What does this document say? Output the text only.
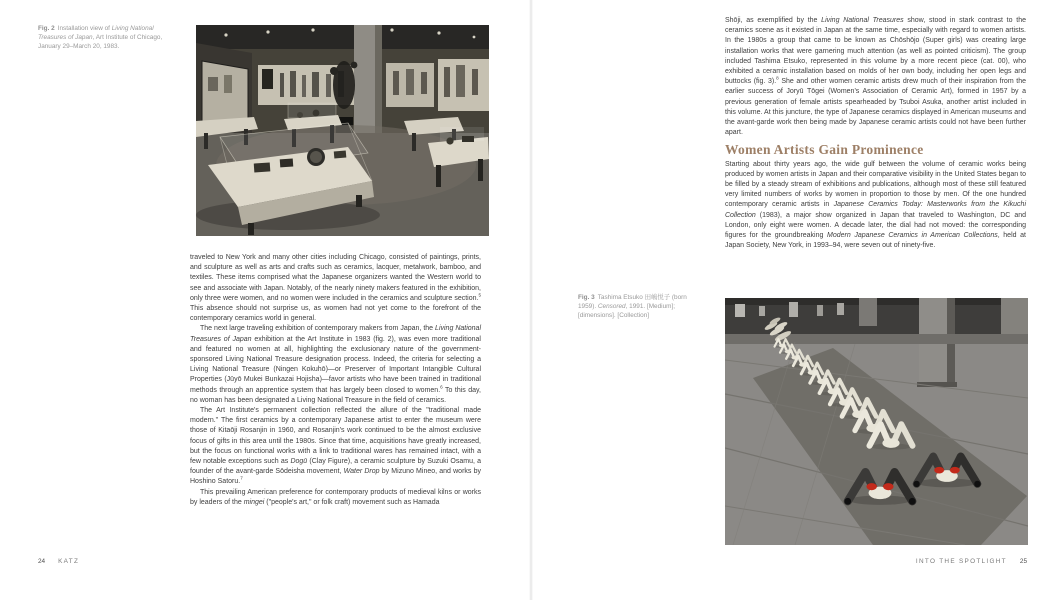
Fig. 2 Installation view of Living National Treasures of Japan, Art Institute of Chicago, January 29–March 20, 1983.

traveled to New York and many other cities including Chicago, consisted of paintings, prints, and sculpture as well as arts and crafts such as ceramics, lacquer, metalwork, bamboo, and textiles. These items comprised what the Japanese organizers wanted the Western world to see and associate with Japan. Notably, of the nearly ninety makers featured in the exhibition, only three were women, and no women were included in the ceramics and sculpture section.$^5$ This absence should not surprise us, as women had not yet come to the forefront of the contemporary ceramics world in general.

The next large traveling exhibition of contemporary makers from Japan, the Living National Treasures of Japan exhibition at the Art Institute in 1983 (fig. 2), was even more traditional and featured no women at all, highlighting the exclusionary nature of the government-sponsored Living National Treasure designation process. Indeed, the criteria for selecting a Living National Treasure (Ningen Kokuhō)—or Preserver of Important Intangible Cultural Properties (Jūyō Mukei Bunkazai Hojisha)—favor artists who have been trained in traditional methods through an apprentice system that has largely been closed to women.$^6$ To this day, no woman has been designated a Living National Treasure in the field of ceramics.

The Art Institute's permanent collection reflected the allure of the "traditional made modern." The first ceramics by a contemporary Japanese artist to enter the museum were those of Kitaōji Rosanjin in 1960, and Rosanjin's work continued to be the almost exclusive focus of gifts in this area until the 1980s. Since that time, acquisitions have greatly increased, but the focus on functional works with a link to traditional wares has remained intact, with a few notable exceptions such as Dogū (Clay Figure), a ceramic sculpture by Suzuki Osamu, a founder of the avant-garde Sōdeisha movement, Water Drop by Mizuno Mineo, and works by Hoshino Satoru.$^7$

This prevailing American preference for contemporary products of medieval kilns or works by leaders of the mingei ("people's art," or folk craft) movement such as Hamada

24 KATZ

Shōji, as exemplified by the Living National Treasures show, stood in stark contrast to the ceramics scene as it existed in Japan at the same time, especially with regard to women artists. In the 1980s a group that came to be known as Chōshōjo (Super girls) was creating large installation works that were garnering much attention (as well as pointed criticism). The group included Tashima Etsuko, represented in this volume by a more recent piece (cat. 00), who exhibited a ceramic installation based on molds of her own body, including her open legs and buttocks (fig. 3).$^8$ She and other women ceramic artists drew much of their inspiration from the earlier success of Joryū Tōgei (Women's Association of Ceramic Art), formed in 1957 by a previous generation of female artists spearheaded by Tsuboi Asuka, another artist included in this volume. At this juncture, the type of Japanese ceramics displayed in American museums and the avant-garde work then being made by Japanese ceramic artists could not have been further apart.

Women Artists Gain Prominence

Starting about thirty years ago, the wide gulf between the volume of ceramic works being produced by women artists in Japan and their comparative visibility in the United States began to be filled by a steady stream of exhibitions and publications, although most of these still featured very limited numbers of works by women in proportion to those by men. Of the one hundred contemporary ceramic artists in Japanese Ceramics Today: Masterworks from the Kikuchi Collection (1983), a major show organized in Japan that traveled to Washington, DC and London, only eight were women. A decade later, the dial had not moved: the corresponding figures for the groundbreaking Modern Japanese Ceramics in American Collections, held at Japan Society, New York, in 1993–94, were seven out of ninety-five.

Fig. 3 Tashima Etsuko 田嶋悦子 (born 1959). Censored, 1991. [Medium]; [dimensions]. [Collection]
INTO THE SPOTLIGHT 25
